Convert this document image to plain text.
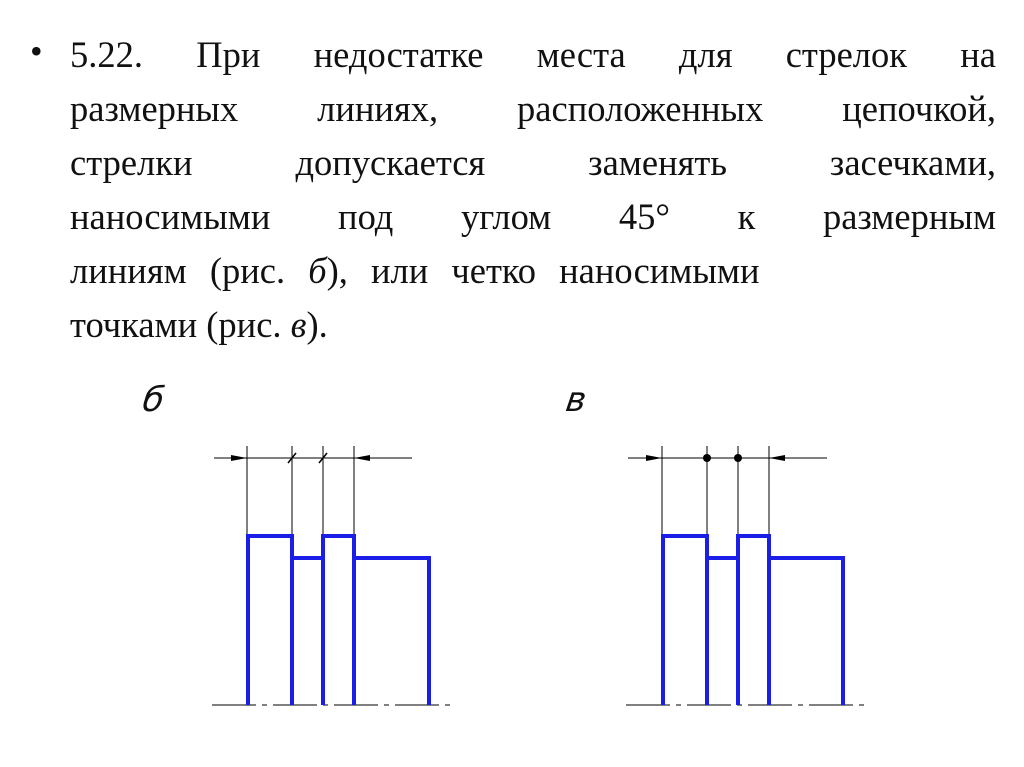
• 5.22. При недостатке места для стрелок на
размерных линиях, расположенных цепочкой,
стрелки	допускается	заменять	засечками,
наносимыми под углом 45° к размерным
линиям (рис. б), или четко наносимыми
точками (рис. в).
б	в
